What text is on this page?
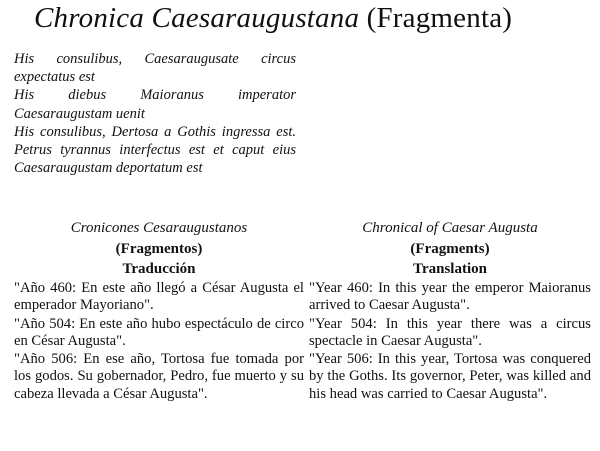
Chronica Caesaraugustana (Fragmenta)

His consulibus, Caesaraugusate circus expectatus est

His diebus Maioranus imperator Caesaraugustam uenit

His consulibus, Dertosa a Gothis ingressa est. Petrus tyrannus interfectus est et caput eius Caesaraugustam deportatum est

Cronicones Cesaraugustanos

(Fragmentos)

Traducción

"Año 460: En este año llegó a César Augusta el emperador Mayoriano".

"Año 504: En este año hubo espectáculo de circo en César Augusta".

"Año 506: En ese año, Tortosa fue tomada por los godos. Su gobernador, Pedro, fue muerto y su cabeza llevada a César Augusta".

Chronical of Caesar Augusta

(Fragments)

Translation

"Year 460: In this year the emperor Maioranus arrived to Caesar Augusta".

"Year 504: In this year there was a circus spectacle in Caesar Augusta".

"Year 506: In this year, Tortosa was conquered by the Goths. Its governor, Peter, was killed and his head was carried to Caesar Augusta".
